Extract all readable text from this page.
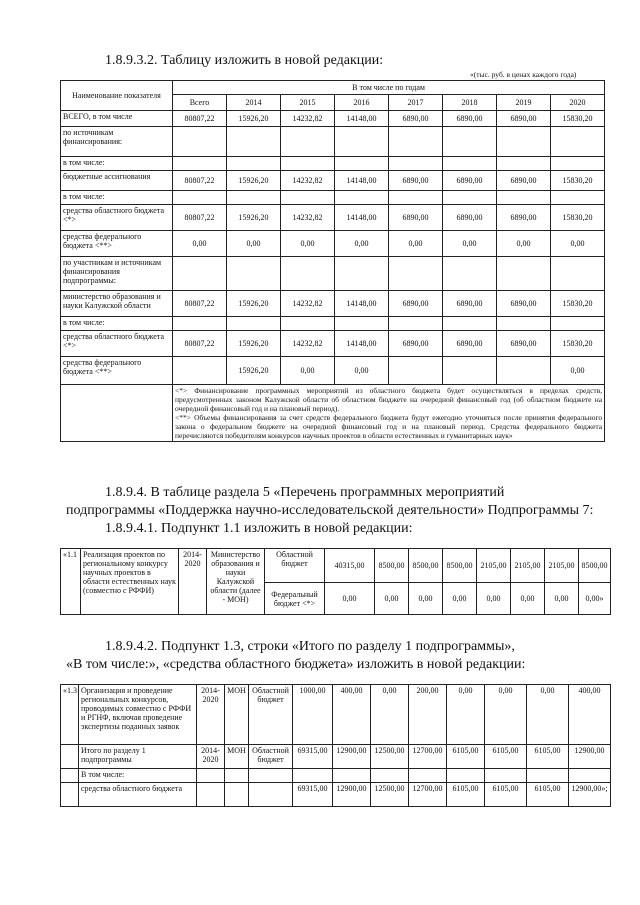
1.8.9.3.2. Таблицу изложить в новой редакции:
«(тыс. руб. в ценах каждого года)
Наименование показателя	В том числе по годам							
	Всего	2014	2015	2016	2017	2018	2019	2020
ВСЕГО, в том числе	80807,22	15926,20	14232,82	14148,00	6890,00	6890,00	6890,00	15830,20
по источникам финансирования:								
в том числе:								
бюджетные ассигнования	80807,22	15926,20	14232,82	14148,00	6890,00	6890,00	6890,00	15830,20
в том числе:								
средства областного бюджета <*>	80807,22	15926,20	14232,82	14148,00	6890,00	6890,00	6890,00	15830,20
средства федерального бюджета <**>	0,00	0,00	0,00	0,00	0,00	0,00	0,00	0,00
по участникам и источникам финансирования подпрограммы:								
министерство образования и науки Калужской области	80807,22	15926,20	14232,82	14148,00	6890,00	6890,00	6890,00	15830,20
в том числе:								
средства областного бюджета <*>	80807,22	15926,20	14232,82	14148,00	6890,00	6890,00	6890,00	15830,20
средства федерального бюджета <**>		15926,20	0,00	0,00				0,00

	<*> Финансирование программных мероприятий из областного бюджета будет осуществляться в пределах средств, предусмотренных законом Калужской области об областном бюджете на очередной финансовый год (об областном бюджете на очередной финансовый год и на плановый период).
<**> Объемы финансирования за счет средств федерального бюджета будут ежегодно уточняться после принятия федерального закона о федеральном бюджете на очередной финансовый год и на плановый период. Средства федерального бюджета перечисляются победителям конкурсов научных проектов в области естественных и гуманитарных наук»							
1.8.9.4. В таблице раздела 5 «Перечень программных мероприятий
подпрограммы «Поддержка научно-исследовательской деятельности» Подпрограммы 7:
1.8.9.4.1. Подпункт 1.1 изложить в новой редакции:
«1.1	Реализация проектов по региональному конкурсу научных проектов в области естественных наук (совместно с РФФИ)	2014-2020	Министерство образования и науки Калужской области (далее - МОН)	Областной бюджет	40315,00	8500,00	8500,00	8500,00	2105,00	2105,00	2105,00	8500,00
				Федеральный бюджет <*>	0,00	0,00	0,00	0,00	0,00	0,00	0,00	0,00»
1.8.9.4.2. Подпункт 1.3, строки «Итого по разделу 1 подпрограммы»,
«В том числе:», «средства областного бюджета» изложить в новой редакции:
«1.3	Организация и проведение региональных конкурсов, проводимых совместно с РФФИ и РГНФ, включая проведение экспертизы поданных заявок	2014-2020	МОН	Областной бюджет	1000,00	400,00	0,00	200,00	0,00	0,00	0,00	400,00
	Итого по разделу 1 подпрограммы	2014-2020	МОН	Областной бюджет	69315,00	12900,00	12500,00	12700,00	6105,00	6105,00	6105,00	12900,00
	В том числе:											
	средства областного бюджета				69315,00	12900,00	12500,00	12700,00	6105,00	6105,00	6105,00	12900,00»;
